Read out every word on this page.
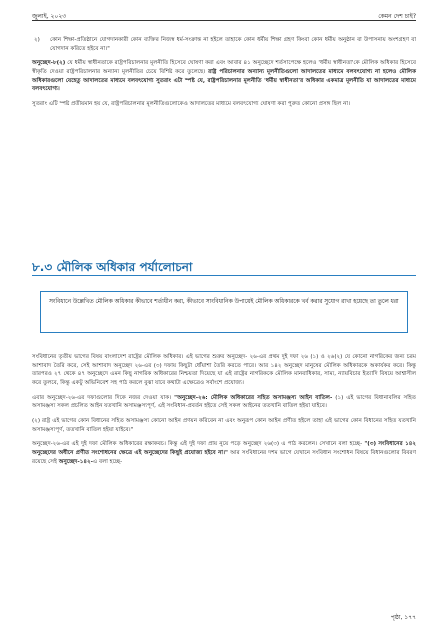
জুলাই, ২০২৩	কেমন দেশ চাই?
২)	কোন শিক্ষা-প্রতিষ্ঠানে যোগদানকারী কোন ব্যক্তির নিজস্ব ধর্ম-সংক্রান্ত না হইলে তাহাকে কোন ধর্মীয় শিক্ষা গ্রহণ কিংবা কোন ধর্মীয় অনুষ্ঠান বা উপাসনায় অংশগ্রহণ বা যোগদান করিতে হইবে না।"

অনুচ্ছেদ-৮(২) যে ধর্মীয় স্বাধীনতাকে রাষ্ট্রপরিচালনার মূলনীতি হিসেবে ঘোষণা করা এবং আবার ৪১ অনুচ্ছেদে শর্তসাপেক্ষে হলেও 'ধর্মীয় স্বাধীনতা'কে মৌলিক অধিকার হিসেবে স্বীকৃতি দেওয়া রাষ্ট্রপরিচালনার অন্যান্য মূলনীতির চেয়ে বিশিষ্ট করে তুলেছে। রাষ্ট্র পরিচালনার অন্যান্য মূলনীতিগুলো আদালতের মাধ্যমে বলবৎযোগ্য না হলেও মৌলিক অধিকারগুলো যেহেতু আদালতের মাধ্যমে বলবৎযোগ্য সুতরাং এটা স্পষ্ট যে, রাষ্ট্রপরিচালনার মূলনীতি 'ধর্মীয় স্বাধীনতা'র অধিকার একমাত্র মূলনীতি যা আদালতের মাধ্যমে বলবৎযোগ্য।

সুতরাং এটি স্পষ্ট প্রতীয়মান হয় যে, রাষ্ট্রপরিচালনার মূলনীতিগুলোকেও আদালতের মাধ্যমে বলবৎযোগ্য ঘোষণা করা পুরুত কোনো প্রসঙ্গ ছিল না।

৮.৩ মৌলিক অধিকার পর্যালোচনা
সংবিধানে উল্লেখিত মৌলিক অধিকার কীভাবে শর্তাধীন করা, কীভাবে সাংবিধানিক উপায়েই মৌলিক অধিকারকে খর্ব করার সুযোগ রাখা হয়েছে তা তুলে ধরা

সংবিধানের তৃতীয় ভাগের বিষয় বাংলাদেশ রাষ্ট্রের মৌলিক অধিকার। এই ভাগের শুরুর অনুচ্ছেদ- ২৬-এর প্রথম দুই দফা ২৬ (১) ও ২৬(২) যে কোনো নাগরিকের জন্য চরম আশাবাদ তৈরি করে, সেই আশাবাদ অনুচ্ছেদ ২৬-এর (৩) দফায় কিছুটা ধোঁয়াশা তৈরি করতে পারে। আর ১৪২ অনুচ্ছেদ মানুষের মৌলিক অধিকারকে অকার্যকর করে। কিন্তু তারপরও ২৭ থেকে ৪৭ অনুচ্ছেদে এমন কিছু নাগরিক অধিকারের নিশ্চয়তা দিয়েছে যা এই রাষ্ট্রের নাগরিককে মৌলিক মানবাধিকার, সাম্য, ন্যায়বিচার ইত্যাদি বিষয়ে আশ্বাসীল করে তুলবে, কিন্তু একটু অভিনিবেশ সহ পাঠ করলে বুঝা যাবে কথাটা এক্ষেত্রেও সর্বাংশে প্রযোজ্য।

এবার অনুচ্ছেদ-২৬-এর দফাগুলোর দিকে নজর দেওয়া যাক। "অনুচ্ছেদ-২৬: মৌলিক অধিকারের সহিত অসামঞ্জস্য আইন বাতিল- (১) এই ভাগের বিধানাবলির সহিত অসামঞ্জস্য সকল প্রচলিত আইন যতখানি অসামঞ্জস্যপূর্ণ, এই সংবিধান-প্রবর্তন হইতে সেই সকল আইনের ততখানি বাতিল হইয়া যাইবে।

(২) রাষ্ট্র এই ভাগের কোন বিধানের সহিত অসামঞ্জস্য কোনো আইন প্রণয়ন করিবেন না এবং অনুরূপ কোন আইন প্রণীত হইলে তাহা এই ভাগের কোন বিধানের সহিত যতখানি অসামঞ্জস্যপূর্ণ, ততখানি বাতিল হইয়া যাইবে।"

অনুচ্ছেদ-২৬-এর এই দুই দফা মৌলিক অধিকারের রক্ষাকবচ। কিন্তু এই দুই দফা প্রায় নুয়ে পড়ে অনুচ্ছেদ ২৬(৩) এ পাঠ করলেন। সেখানে বলা হচ্ছে- "(৩) সংবিধানের ১৪২ অনুচ্ছেদের অধীনে প্রণীত সংশোধনের ক্ষেত্রে এই অনুচ্ছেদের কিছুই প্রযোজ্য হইবে না।" আর সংবিধানের দশম ভাগে যেখানে সংবিধান সংশোধন বিষয়ে বিধানগুলোর বিবরণ রয়েছে সেই অনুচ্ছেদ-১৪২-এ বলা হচ্ছে-

পৃষ্ঠা, ১৭৭
